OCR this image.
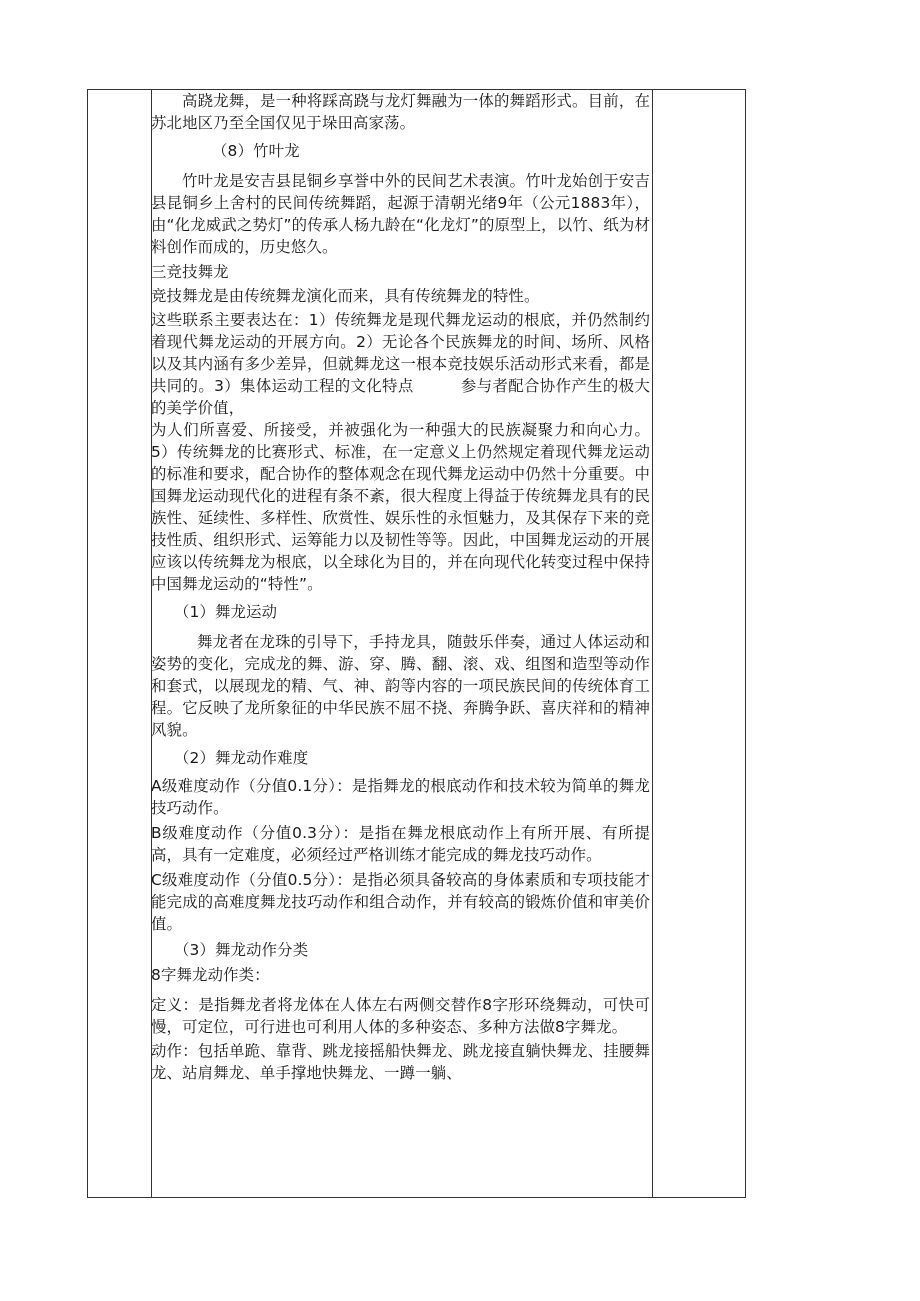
高跷龙舞，是一种将踩高跷与龙灯舞融为一体的舞蹈形式。目前，在苏北地区乃至全国仅见于垛田高家荡。

（8）竹叶龙

竹叶龙是安吉县昆铜乡享誉中外的民间艺术表演。竹叶龙始创于安吉县昆铜乡上舍村的民间传统舞蹈，起源于清朝光绪9年（公元1883年），由“化龙威武之势灯”的传承人杨九龄在“化龙灯”的原型上，以竹、纸为材料创作而成的，历史悠久。

三竞技舞龙

竞技舞龙是由传统舞龙演化而来，具有传统舞龙的特性。

这些联系主要表达在：1）传统舞龙是现代舞龙运动的根底，并仍然制约着现代舞龙运动的开展方向。2）无论各个民族舞龙的时间、场所、风格以及其内涵有多少差异，但就舞龙这一根本竞技娱乐活动形式来看，都是共同的。3）集体运动工程的文化特点　　　参与者配合协作产生的极大的美学价值，

为人们所喜爱、所接受，并被强化为一种强大的民族凝聚力和向心力。5）传统舞龙的比赛形式、标准，在一定意义上仍然规定着现代舞龙运动的标准和要求，配合协作的整体观念在现代舞龙运动中仍然十分重要。中国舞龙运动现代化的进程有条不紊，很大程度上得益于传统舞龙具有的民族性、延续性、多样性、欣赏性、娱乐性的永恒魅力，及其保存下来的竞技性质、组织形式、运筹能力以及韧性等等。因此，中国舞龙运动的开展应该以传统舞龙为根底，以全球化为目的，并在向现代化转变过程中保持中国舞龙运动的“特性”。

（1）舞龙运动

舞龙者在龙珠的引导下，手持龙具，随鼓乐伴奏，通过人体运动和姿势的变化，完成龙的舞、游、穿、腾、翻、滚、戏、组图和造型等动作和套式，以展现龙的精、气、神、韵等内容的一项民族民间的传统体育工程。它反映了龙所象征的中华民族不屈不挠、奔腾争跃、喜庆祥和的精神风貌。

（2）舞龙动作难度

A级难度动作（分值0.1分）：是指舞龙的根底动作和技术较为简单的舞龙技巧动作。

B级难度动作（分值0.3分）：是指在舞龙根底动作上有所开展、有所提高，具有一定难度，必须经过严格训练才能完成的舞龙技巧动作。

C级难度动作（分值0.5分）：是指必须具备较高的身体素质和专项技能才能完成的高难度舞龙技巧动作和组合动作，并有较高的锻炼价值和审美价值。

（3）舞龙动作分类

8字舞龙动作类：

定义：是指舞龙者将龙体在人体左右两侧交替作8字形环绕舞动，可快可慢，可定位，可行进也可利用人体的多种姿态、多种方法做8字舞龙。

动作：包括单跪、靠背、跳龙接摇船快舞龙、跳龙接直躺快舞龙、挂腰舞龙、站肩舞龙、单手撑地快舞龙、一蹲一躺、
